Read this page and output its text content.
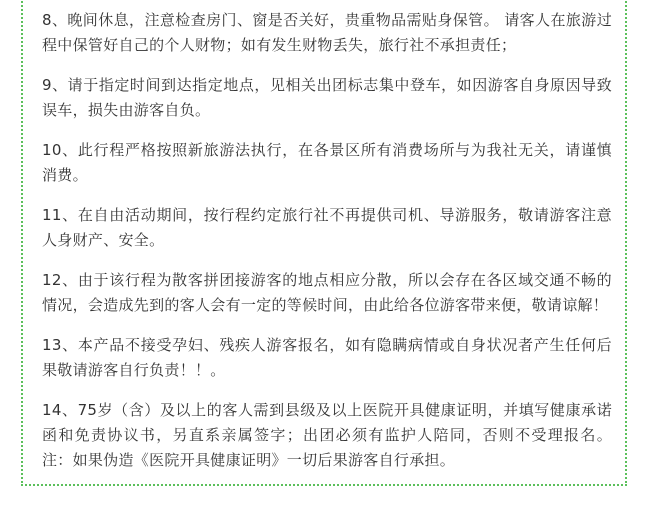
8、晚间休息，注意检查房门、窗是否关好，贵重物品需贴身保管。 请客人在旅游过程中保管好自己的个人财物；如有发生财物丢失，旅行社不承担责任；
9、请于指定时间到达指定地点，见相关出团标志集中登车，如因游客自身原因导致误车，损失由游客自负。
10、此行程严格按照新旅游法执行，在各景区所有消费场所与为我社无关，请谨慎消费。
11、在自由活动期间，按行程约定旅行社不再提供司机、导游服务，敬请游客注意人身财产、安全。
12、由于该行程为散客拼团接游客的地点相应分散，所以会存在各区域交通不畅的情况，会造成先到的客人会有一定的等候时间，由此给各位游客带来便，敬请谅解！
13、本产品不接受孕妇、残疾人游客报名，如有隐瞒病情或自身状况者产生任何后果敬请游客自行负责！！。
14、75岁（含）及以上的客人需到县级及以上医院开具健康证明，并填写健康承诺函和免责协议书，另直系亲属签字；出团必须有监护人陪同，否则不受理报名。 注：如果伪造《医院开具健康证明》一切后果游客自行承担。
